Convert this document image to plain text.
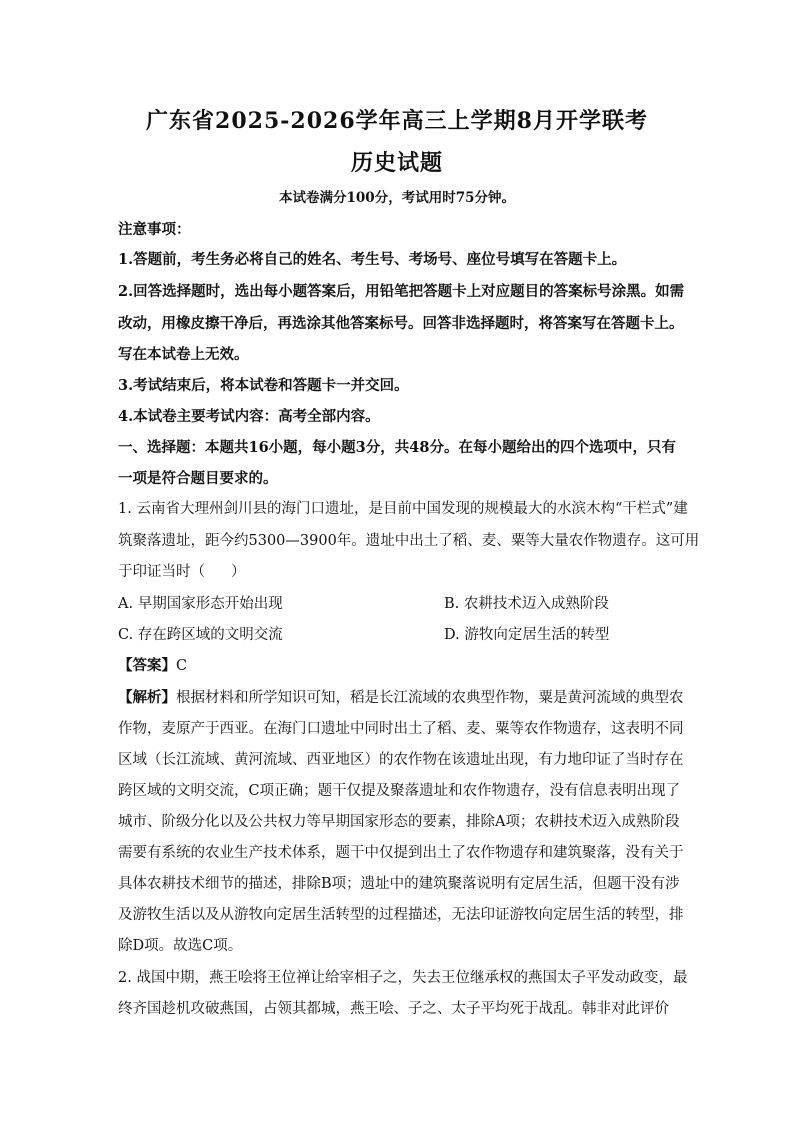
广东省2025-2026学年高三上学期8月开学联考
历史试题
本试卷满分100分，考试用时75分钟。
注意事项：
1.答题前，考生务必将自己的姓名、考生号、考场号、座位号填写在答题卡上。
2.回答选择题时，选出每小题答案后，用铅笔把答题卡上对应题目的答案标号涂黑。如需
改动，用橡皮擦干净后，再选涂其他答案标号。回答非选择题时，将答案写在答题卡上。
写在本试卷上无效。
3.考试结束后，将本试卷和答题卡一并交回。
4.本试卷主要考试内容：高考全部内容。
一、选择题：本题共16小题，每小题3分，共48分。在每小题给出的四个选项中，只有
一项是符合题目要求的。
1. 云南省大理州剑川县的海门口遗址，是目前中国发现的规模最大的水滨木构“干栏式”建
筑聚落遗址，距今约5300—3900年。遗址中出土了稻、麦、粟等大量农作物遗存。这可用
于印证当时（ ）
A. 早期国家形态开始出现	B. 农耕技术迈入成熟阶段
C. 存在跨区域的文明交流	D. 游牧向定居生活的转型
【答案】C
【解析】根据材料和所学知识可知，稻是长江流域的农典型作物，粟是黄河流域的典型农
作物，麦原产于西亚。在海门口遗址中同时出土了稻、麦、粟等农作物遗存，这表明不同
区域（长江流域、黄河流域、西亚地区）的农作物在该遗址出现，有力地印证了当时存在
跨区域的文明交流，C项正确；题干仅提及聚落遗址和农作物遗存，没有信息表明出现了
城市、阶级分化以及公共权力等早期国家形态的要素，排除A项；农耕技术迈入成熟阶段
需要有系统的农业生产技术体系，题干中仅提到出土了农作物遗存和建筑聚落，没有关于
具体农耕技术细节的描述，排除B项；遗址中的建筑聚落说明有定居生活，但题干没有涉
及游牧生活以及从游牧向定居生活转型的过程描述，无法印证游牧向定居生活的转型，排
除D项。故选C项。
2. 战国中期，燕王哙将王位禅让给宰相子之，失去王位继承权的燕国太子平发动政变，最
终齐国趁机攻破燕国，占领其都城，燕王哙、子之、太子平均死于战乱。韩非对此评价
